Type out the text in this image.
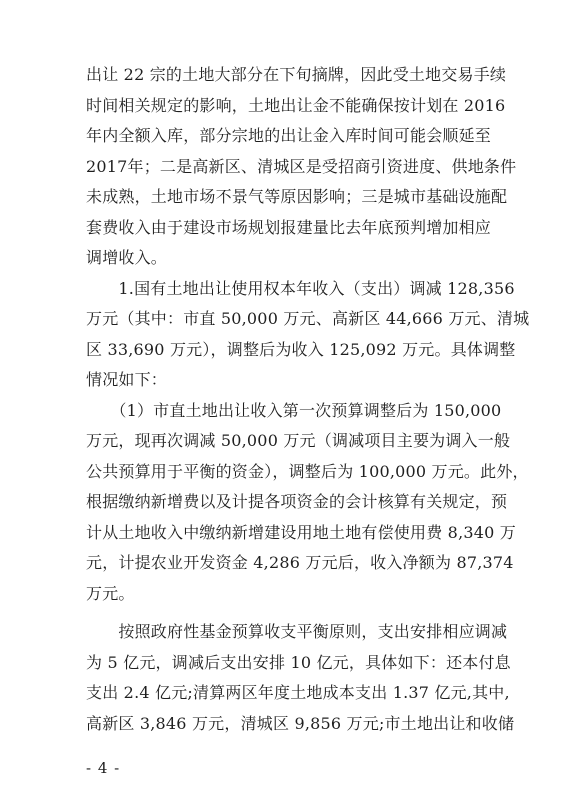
出让 22 宗的土地大部分在下旬摘牌，因此受土地交易手续
时间相关规定的影响，土地出让金不能确保按计划在 2016
年内全额入库，部分宗地的出让金入库时间可能会顺延至
2017年；二是高新区、清城区是受招商引资进度、供地条件
未成熟，土地市场不景气等原因影响；三是城市基础设施配
套费收入由于建设市场规划报建量比去年底预判增加相应
调增收入。
　　1.国有土地出让使用权本年收入（支出）调减 128,356
万元（其中：市直 50,000 万元、高新区 44,666 万元、清城
区 33,690 万元），调整后为收入 125,092 万元。具体调整
情况如下：
　　（1）市直土地出让收入第一次预算调整后为 150,000
万元，现再次调减 50,000 万元（调减项目主要为调入一般
公共预算用于平衡的资金），调整后为 100,000 万元。此外，
根据缴纳新增费以及计提各项资金的会计核算有关规定，预
计从土地收入中缴纳新增建设用地土地有偿使用费 8,340 万
元，计提农业开发资金 4,286 万元后，收入净额为 87,374
万元。
　　按照政府性基金预算收支平衡原则，支出安排相应调减
为 5 亿元，调减后支出安排 10 亿元，具体如下：还本付息
支出 2.4 亿元;清算两区年度土地成本支出 1.37 亿元,其中,
高新区 3,846 万元，清城区 9,856 万元;市土地出让和收储
- 4 -
